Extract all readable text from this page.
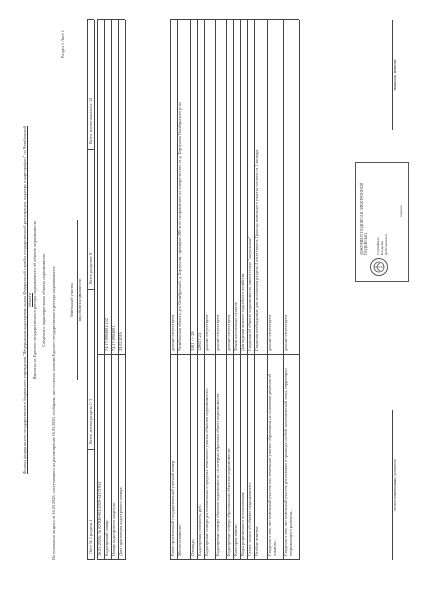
Филиал федерального государственного бюджетного учреждения "Федеральная кадастровая палата Федеральной службы государственной регистрации, кадастра и картографии" по Челябинской области Выписка из Единого государственного реестра недвижимости об объекте недвижимости Сведения о характеристиках объекта недвижимости На основании запроса от 16.03.2020, поступившего на рассмотрение 16.03.2020, сообщаем, что согласно записям Единого государственного реестра недвижимости:
Раздел 1 Лист 1
Земельный участок вид объекта недвижимости
Лист № 1 раздела 1
Всего листов раздела 1: 3
Всего разделов: 8
Всего листов выписки: 12
полное наименование должности
инициалы, фамилия
ДОКУМЕНТ ПОДПИСАН ЭЛЕКТРОННОЙ ПОДПИСЬЮ Сертификат Владелец Действителен
подпись
16.03.2020г. № КУВИ-001/2020-54171934 Кадастровый номер:
74:17:0904001:152
Номер кадастрового квартала:
74:17:0904001
Дата присвоения кадастрового номера:
29.02.2016
Ранее присвоенный государственный учетный номер:
данные отсутствуют
Местоположение:
Челябинская область, р-н Октябрьский, д. Борзунова, примерно 280 м по направлению на северо-восток от д. Борзунова Октябрьского р-на
Площадь:
5581 +/- 26
Кадастровая стоимость, руб.:
129027.24
Кадастровые номера расположенных в пределах земельного участка объектов недвижимости:
данные отсутствуют
Кадастровые номера объектов недвижимости, из которых образован объект недвижимости:
данные отсутствуют
Кадастровые номера образованных объектов недвижимости:
данные отсутствуют
Категория земель:
Земли населенных пунктов
Виды разрешенного использования:
Для ведения личного подсобного хозяйства
Статус записи об объекте недвижимости:
Сведения об объекте недвижимости имеют статус "актуальные"
Особые отметки:
Сведения необходимые для заполнения раздела 4 отсутствуют. Граница земельного участка состоит из 1 контура
Сведения о том, что земельный участок или земельные участки образованы на основании решения об изъятии...
данные отсутствуют
Сведения о том, что земельный участок расположен в границах особой экономической зоны, территории опережающего развития...
данные отсутствуют
